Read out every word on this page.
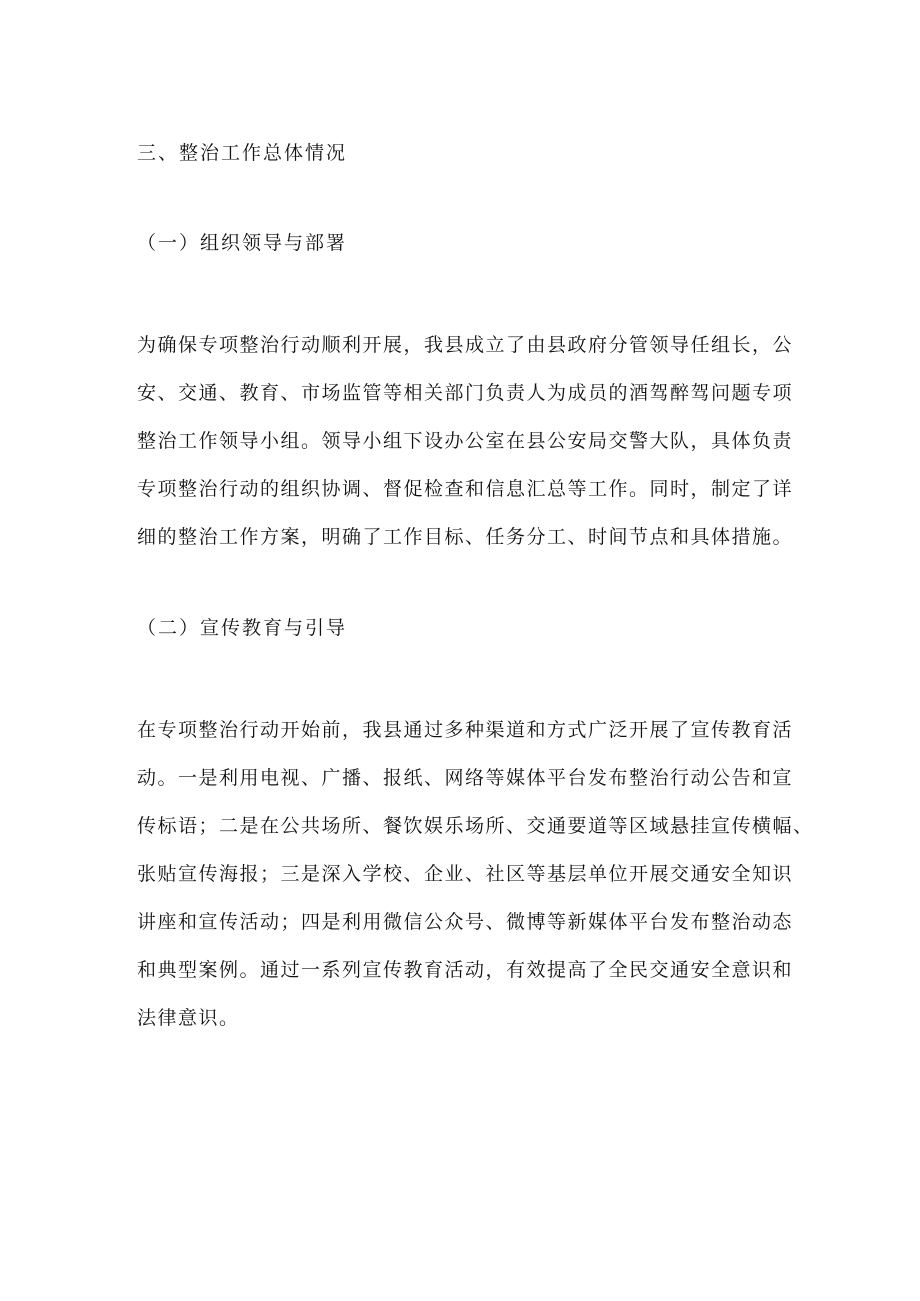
三、整治工作总体情况
（一）组织领导与部署
为确保专项整治行动顺利开展，我县成立了由县政府分管领导任组长，公
安、交通、教育、市场监管等相关部门负责人为成员的酒驾醉驾问题专项
整治工作领导小组。领导小组下设办公室在县公安局交警大队，具体负责
专项整治行动的组织协调、督促检查和信息汇总等工作。同时，制定了详
细的整治工作方案，明确了工作目标、任务分工、时间节点和具体措施。
（二）宣传教育与引导
在专项整治行动开始前，我县通过多种渠道和方式广泛开展了宣传教育活
动。一是利用电视、广播、报纸、网络等媒体平台发布整治行动公告和宣
传标语；二是在公共场所、餐饮娱乐场所、交通要道等区域悬挂宣传横幅、
张贴宣传海报；三是深入学校、企业、社区等基层单位开展交通安全知识
讲座和宣传活动；四是利用微信公众号、微博等新媒体平台发布整治动态
和典型案例。通过一系列宣传教育活动，有效提高了全民交通安全意识和
法律意识。
